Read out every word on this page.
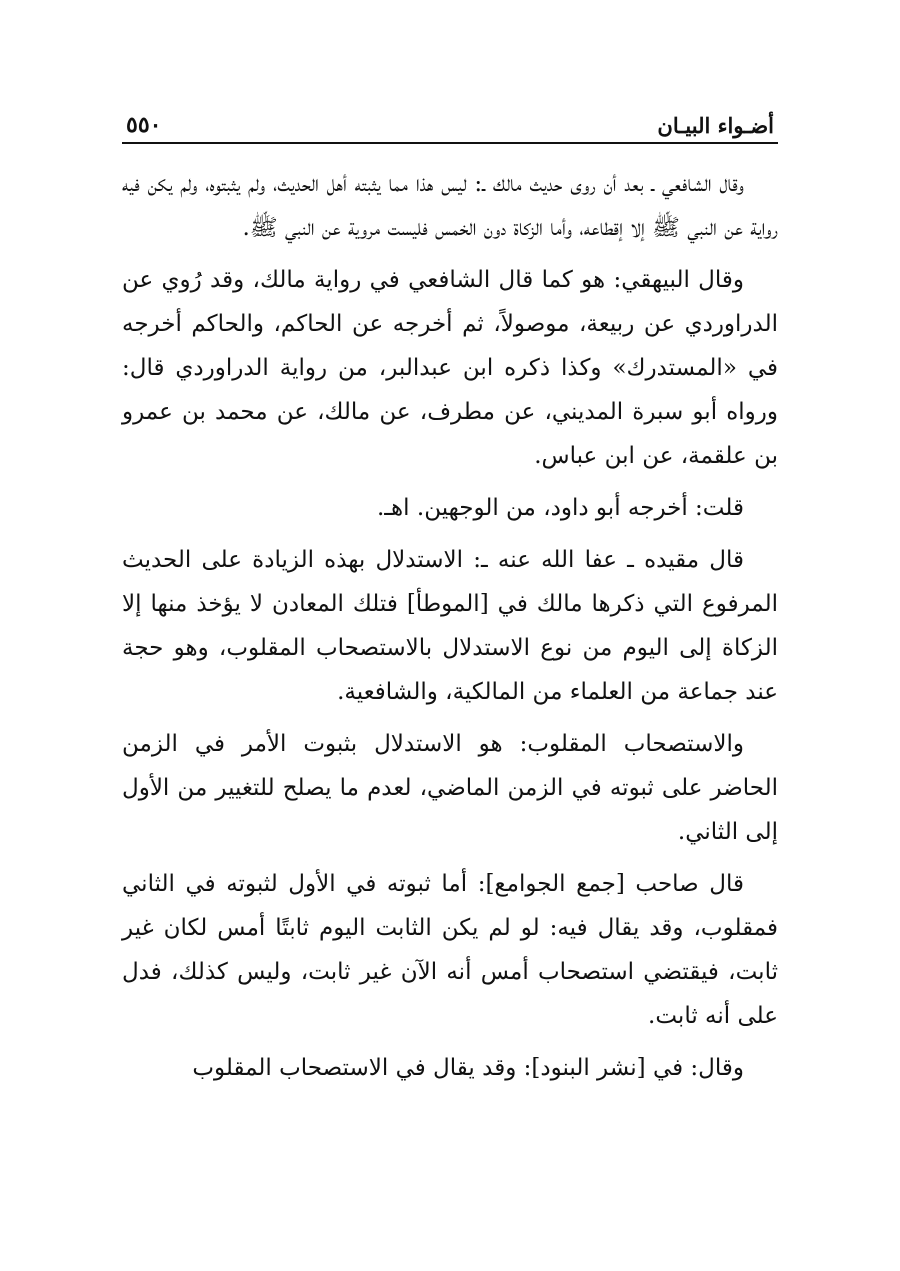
أضـواء البيـان
٥٥٠

وقال الشافعي ـ بعد أن روى حديث مالك ـ: ليس هذا مما يثبته أهل الحديث، ولم يثبتوه، ولم يكن فيه رواية عن النبي ﷺ إلا إقطاعه، وأما الزكاة دون الخمس فليست مروية عن النبي ﷺ.

وقال البيهقي: هو كما قال الشافعي في رواية مالك، وقد رُوي عن الدراوردي عن ربيعة، موصولاً، ثم أخرجه عن الحاكم، والحاكم أخرجه في «المستدرك» وكذا ذكره ابن عبدالبر، من رواية الدراوردي قال: ورواه أبو سبرة المديني، عن مطرف، عن مالك، عن محمد بن عمرو بن علقمة، عن ابن عباس.

قلت: أخرجه أبو داود، من الوجهين. اهـ.

قال مقيده ـ عفا الله عنه ـ: الاستدلال بهذه الزيادة على الحديث المرفوع التي ذكرها مالك في [الموطأ] فتلك المعادن لا يؤخذ منها إلا الزكاة إلى اليوم من نوع الاستدلال بالاستصحاب المقلوب، وهو حجة عند جماعة من العلماء من المالكية، والشافعية.

والاستصحاب المقلوب: هو الاستدلال بثبوت الأمر في الزمن الحاضر على ثبوته في الزمن الماضي، لعدم ما يصلح للتغيير من الأول إلى الثاني.

قال صاحب [جمع الجوامع]: أما ثبوته في الأول لثبوته في الثاني فمقلوب، وقد يقال فيه: لو لم يكن الثابت اليوم ثابتًا أمس لكان غير ثابت، فيقتضي استصحاب أمس أنه الآن غير ثابت، وليس كذلك، فدل على أنه ثابت.

وقال: في [نشر البنود]: وقد يقال في الاستصحاب المقلوب
